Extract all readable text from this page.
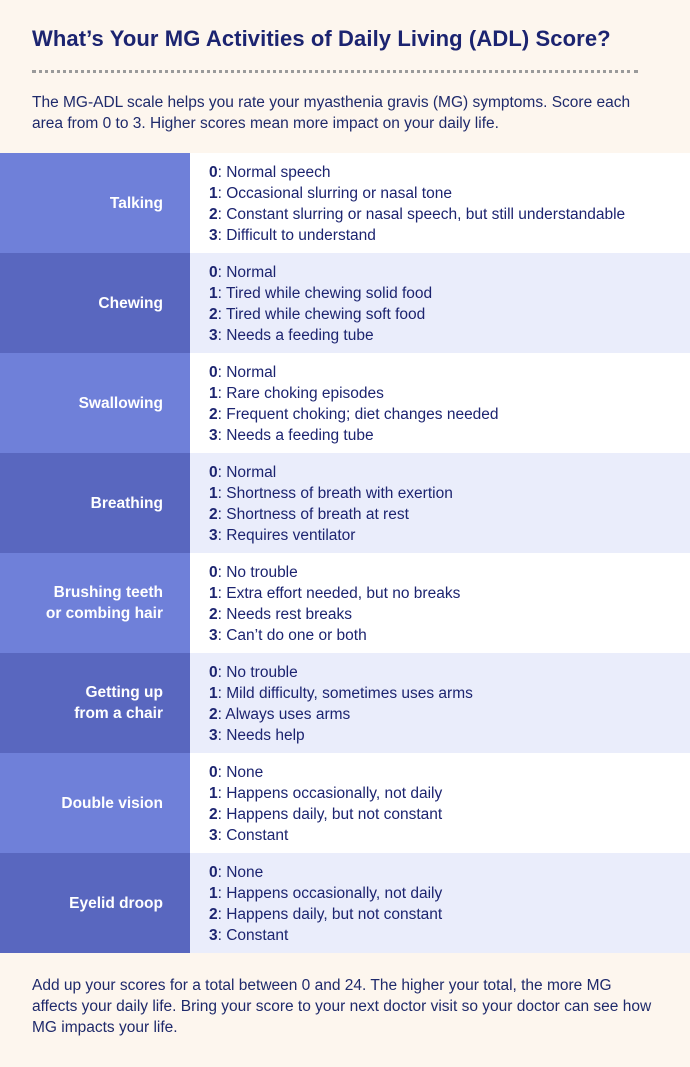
What’s Your MG Activities of Daily Living (ADL) Score?
The MG-ADL scale helps you rate your myasthenia gravis (MG) symptoms. Score each area from 0 to 3. Higher scores mean more impact on your daily life.
Talking
0: Normal speech
1: Occasional slurring or nasal tone
2: Constant slurring or nasal speech, but still understandable
3: Difficult to understand
Chewing
0: Normal
1: Tired while chewing solid food
2: Tired while chewing soft food
3: Needs a feeding tube
Swallowing
0: Normal
1: Rare choking episodes
2: Frequent choking; diet changes needed
3: Needs a feeding tube
Breathing
0: Normal
1: Shortness of breath with exertion
2: Shortness of breath at rest
3: Requires ventilator
Brushing teeth
or combing hair
0: No trouble
1: Extra effort needed, but no breaks
2: Needs rest breaks
3: Can’t do one or both
Getting up
from a chair
0: No trouble
1: Mild difficulty, sometimes uses arms
2: Always uses arms
3: Needs help
Double vision
0: None
1: Happens occasionally, not daily
2: Happens daily, but not constant
3: Constant
Eyelid droop
0: None
1: Happens occasionally, not daily
2: Happens daily, but not constant
3: Constant
Add up your scores for a total between 0 and 24. The higher your total, the more MG affects your daily life. Bring your score to your next doctor visit so your doctor can see how MG impacts your life.
